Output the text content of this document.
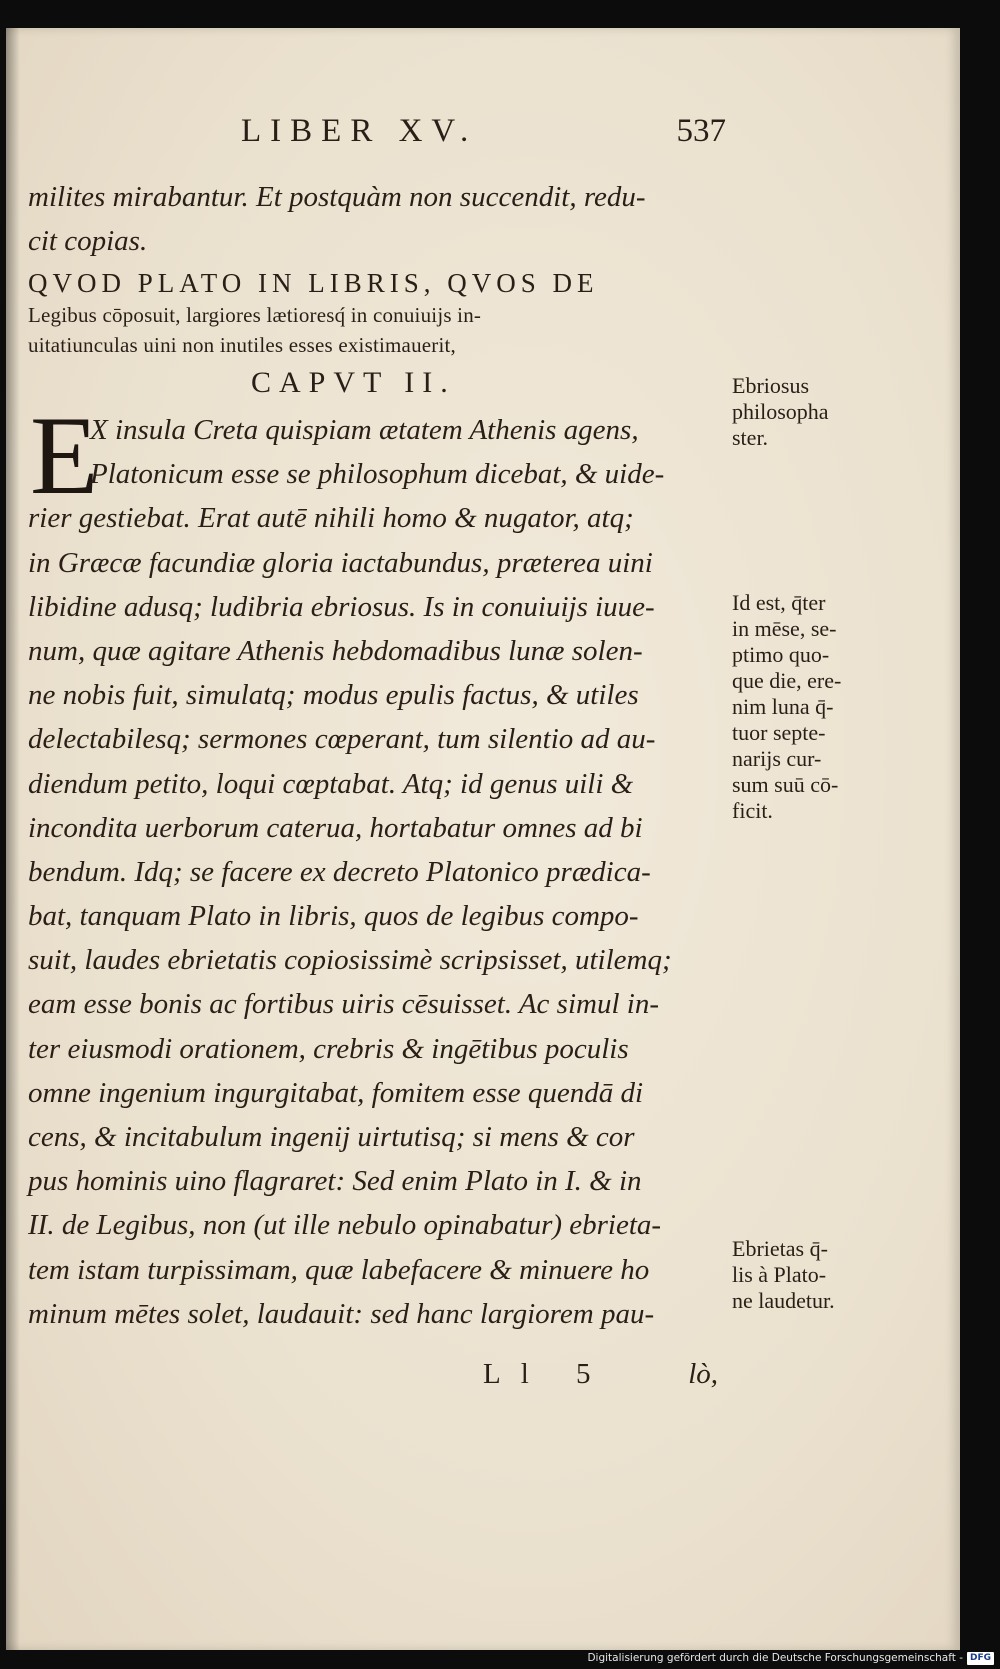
LIBER XV.	537
milites mirabantur. Et postquàm non succendit, redu-
cit copias.
QVOD PLATO IN LIBRIS, QVOS DE
Legibus cōposuit, largiores lætioresq́ in conuiuijs in-
uitatiunculas uini non inutiles esses existimauerit,
CAPVT II.
E
X insula Creta quispiam ætatem Athenis agens,
Platonicum esse se philosophum dicebat, & uide-
rier gestiebat. Erat autē nihili homo & nugator, atq;
in Græcæ facundiæ gloria iactabundus, præterea uini
libidine adusq; ludibria ebriosus. Is in conuiuijs iuue-
num, quæ agitare Athenis hebdomadibus lunæ solen-
ne nobis fuit, simulatq; modus epulis factus, & utiles
delectabilesq; sermones cœperant, tum silentio ad au-
diendum petito, loqui cœptabat. Atq; id genus uili &
incondita uerborum caterua, hortabatur omnes ad bi
bendum. Idq; se facere ex decreto Platonico prædica-
bat, tanquam Plato in libris, quos de legibus compo-
suit, laudes ebrietatis copiosissimè scripsisset, utilemq;
eam esse bonis ac fortibus uiris cēsuisset. Ac simul in-
ter eiusmodi orationem, crebris & ingētibus poculis
omne ingenium ingurgitabat, fomitem esse quendā di
cens, & incitabulum ingenij uirtutisq; si mens & cor
pus hominis uino flagraret: Sed enim Plato in I. & in
II. de Legibus, non (ut ille nebulo opinabatur) ebrieta-
tem istam turpissimam, quæ labefacere & minuere ho
minum mētes solet, laudauit: sed hanc largiorem pau-
Ll 5	lò,
Ebriosus
philosopha
ster.
Id est, q̄ter
in mēse, se-
ptimo quo-
que die, ere-
nim luna q̄-
tuor septe-
narijs cur-
sum suū cō-
ficit.
Ebrietas q̄-
lis à Plato-
ne laudetur.
Digitalisierung gefördert durch die Deutsche Forschungsgemeinschaft - DFG
